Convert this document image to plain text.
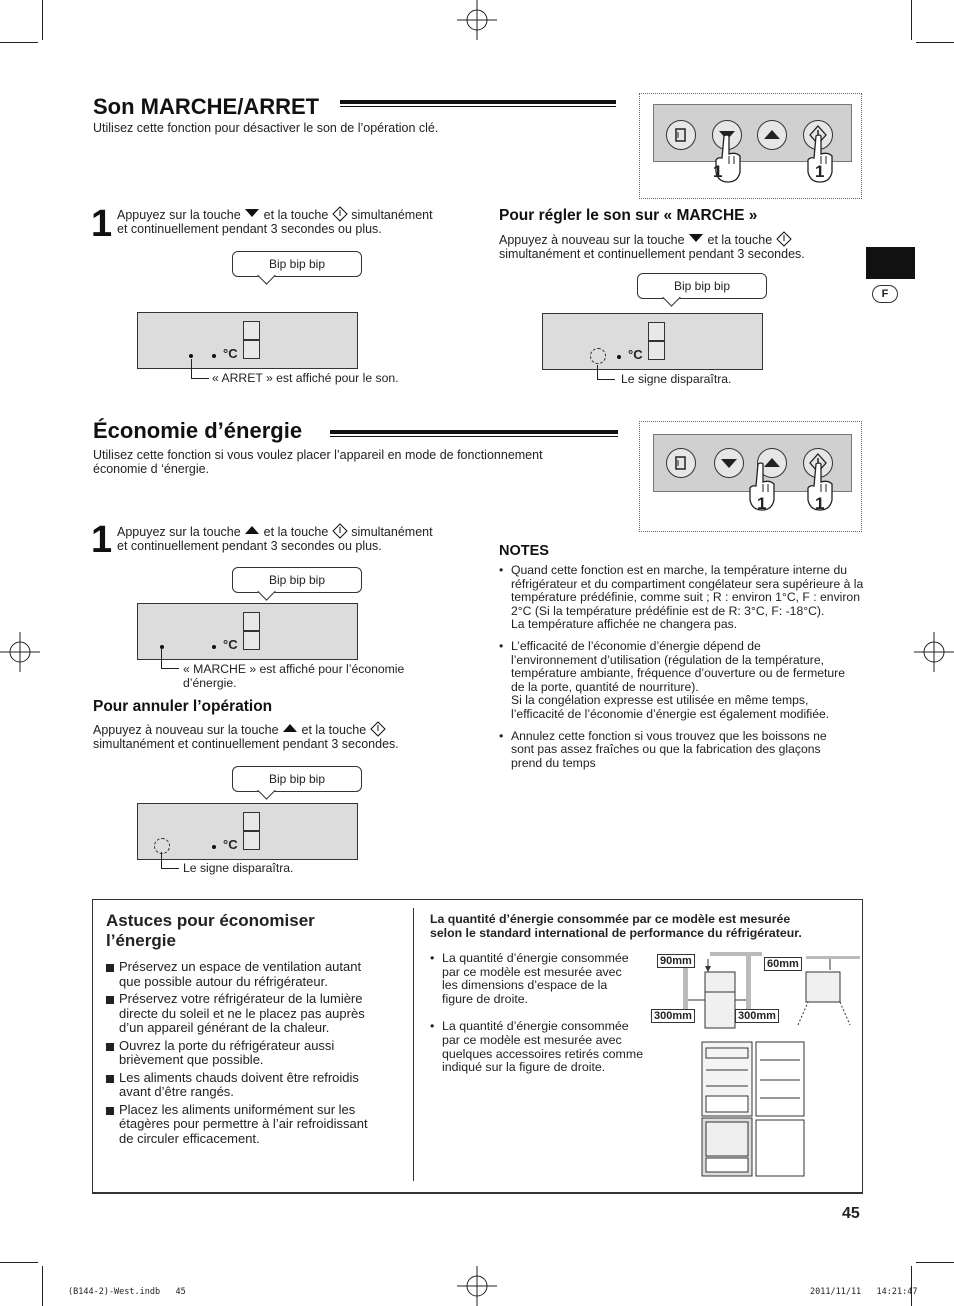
F
Son MARCHE/ARRET
Utilisez cette fonction pour désactiver le son de l’opération clé.
1	1
1 Appuyez sur la touche et la touche simultanément
et continuellement pendant 3 secondes ou plus.
Bip bip bip
°C
« ARRET » est affiché pour le son.
Pour régler le son sur « MARCHE »
Appuyez à nouveau sur la touche et la touche
simultanément et continuellement pendant 3 secondes.
Bip bip bip
°C
Le signe disparaîtra.
Économie d’énergie
Utilisez cette fonction si vous voulez placer l’appareil en mode de fonctionnement
économie d ‘énergie.
1	1
1 Appuyez sur la touche et la touche simultanément
et continuellement pendant 3 secondes ou plus.
Bip bip bip
°C
« MARCHE » est affiché pour l’économie
d’énergie.
Pour annuler l’opération
Appuyez à nouveau sur la touche et la touche
simultanément et continuellement pendant 3 secondes.
Bip bip bip
°C
Le signe disparaîtra.
NOTES
• Quand cette fonction est en marche, la température interne du
réfrigérateur et du compartiment congélateur sera supérieure à la
température prédéfinie, comme suit ; R : environ 1°C, F : environ
2°C (Si la température prédéfinie est de R: 3°C, F: -18°C).
La température affichée ne changera pas.
• L’efficacité de l’économie d’énergie dépend de
l’environnement d’utilisation (régulation de la température,
température ambiante, fréquence d’ouverture ou de fermeture
de la porte, quantité de nourriture).
Si la congélation expresse est utilisée en même temps,
l’efficacité de l’économie d’énergie est également modifiée.
• Annulez cette fonction si vous trouvez que les boissons ne
sont pas assez fraîches ou que la fabrication des glaçons
prend du temps
Astuces pour économiser
l’énergie
Préservez un espace de ventilation autant
que possible autour du réfrigérateur.
Préservez votre réfrigérateur de la lumière
directe du soleil et ne le placez pas auprès
d’un appareil générant de la chaleur.
Ouvrez la porte du réfrigérateur aussi
brièvement que possible.
Les aliments chauds doivent être refroidis
avant d’être rangés.
Placez les aliments uniformément sur les
étagères pour permettre à l’air refroidissant
de circuler efficacement.
La quantité d’énergie consommée par ce modèle est mesurée
selon le standard international de performance du réfrigérateur.
• La quantité d’énergie consommée
par ce modèle est mesurée avec
les dimensions d’espace de la
figure de droite.
• La quantité d’énergie consommée
par ce modèle est mesurée avec
quelques accessoires retirés comme
indiqué sur la figure de droite.
90mm	60mm
300mm	300mm
45
(B144-2)-West.indb   45	2011/11/11   14:21:47
